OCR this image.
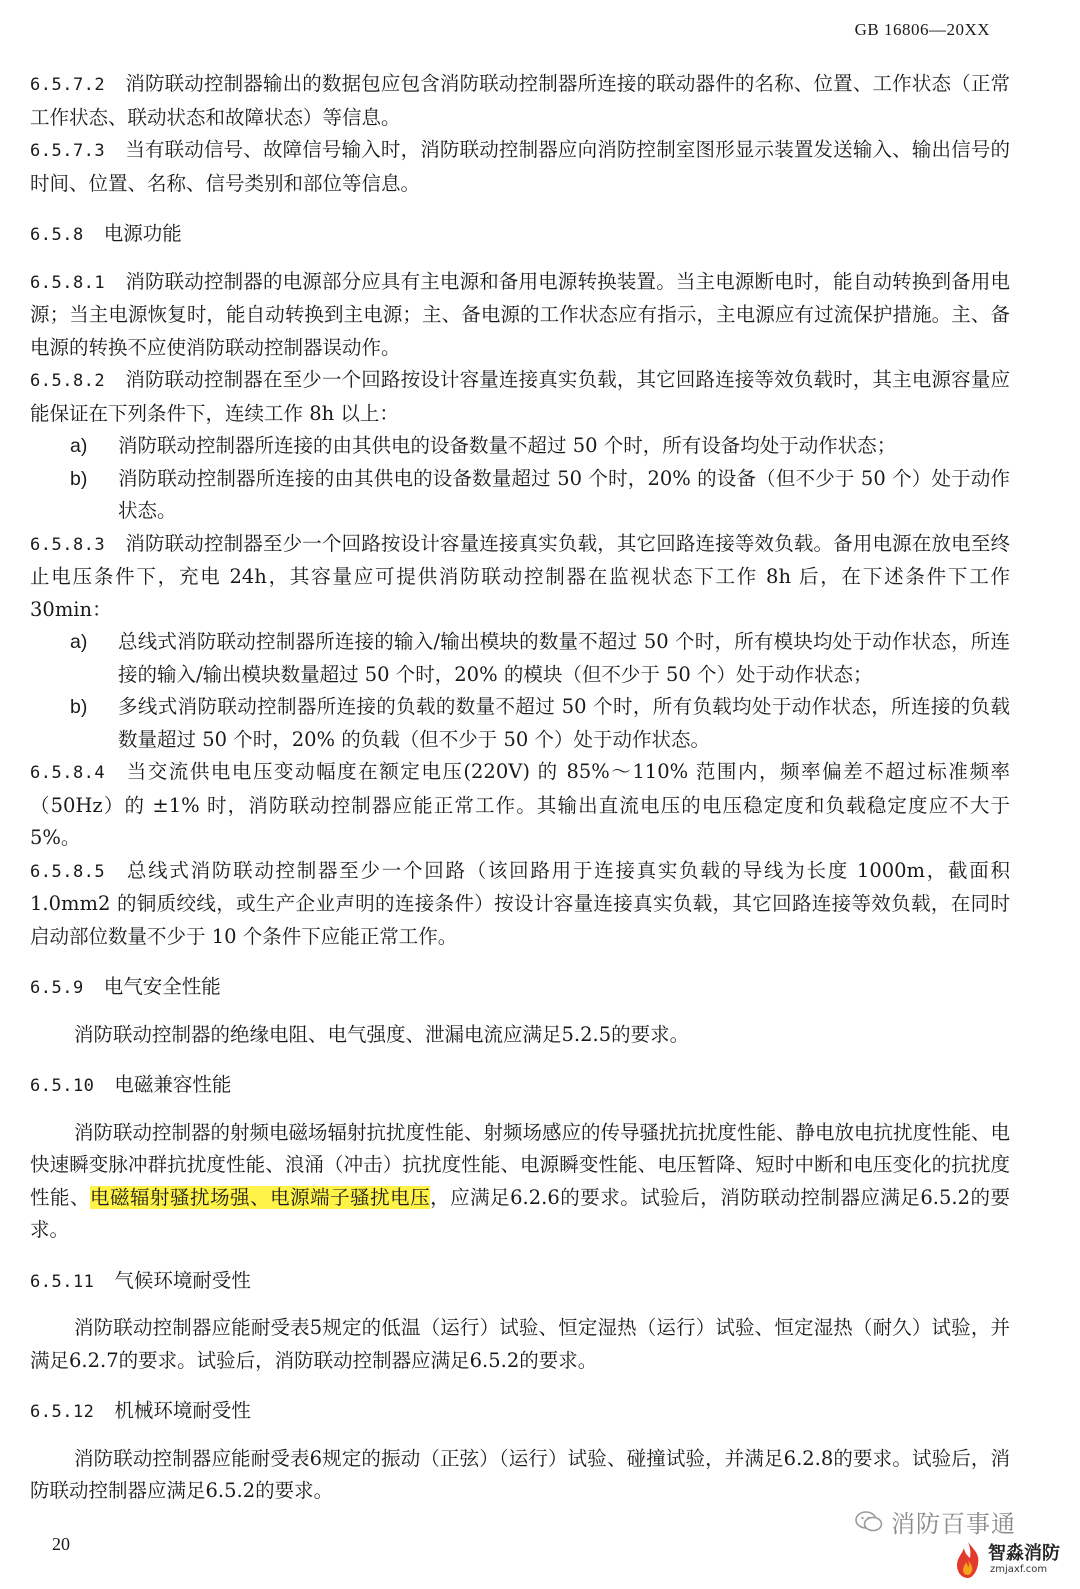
GB 16806—20XX

6.5.7.2 消防联动控制器输出的数据包应包含消防联动控制器所连接的联动器件的名称、位置、工作状态（正常工作状态、联动状态和故障状态）等信息。

6.5.7.3 当有联动信号、故障信号输入时，消防联动控制器应向消防控制室图形显示装置发送输入、输出信号的时间、位置、名称、信号类别和部位等信息。

6.5.8 电源功能

6.5.8.1 消防联动控制器的电源部分应具有主电源和备用电源转换装置。当主电源断电时，能自动转换到备用电源；当主电源恢复时，能自动转换到主电源；主、备电源的工作状态应有指示，主电源应有过流保护措施。主、备电源的转换不应使消防联动控制器误动作。

6.5.8.2 消防联动控制器在至少一个回路按设计容量连接真实负载，其它回路连接等效负载时，其主电源容量应能保证在下列条件下，连续工作 8h 以上：

a)	消防联动控制器所连接的由其供电的设备数量不超过 50 个时，所有设备均处于动作状态；
b)	消防联动控制器所连接的由其供电的设备数量超过 50 个时，20% 的设备（但不少于 50 个）处于动作状态。

6.5.8.3 消防联动控制器至少一个回路按设计容量连接真实负载，其它回路连接等效负载。备用电源在放电至终止电压条件下，充电 24h，其容量应可提供消防联动控制器在监视状态下工作 8h 后，在下述条件下工作 30min：

a)	总线式消防联动控制器所连接的输入/输出模块的数量不超过 50 个时，所有模块均处于动作状态，所连接的输入/输出模块数量超过 50 个时，20% 的模块（但不少于 50 个）处于动作状态；
b)	多线式消防联动控制器所连接的负载的数量不超过 50 个时，所有负载均处于动作状态，所连接的负载数量超过 50 个时，20% 的负载（但不少于 50 个）处于动作状态。

6.5.8.4 当交流供电电压变动幅度在额定电压(220V) 的 85%～110% 范围内，频率偏差不超过标准频率（50Hz）的 ±1% 时，消防联动控制器应能正常工作。其输出直流电压的电压稳定度和负载稳定度应不大于 5%。

6.5.8.5 总线式消防联动控制器至少一个回路（该回路用于连接真实负载的导线为长度 1000m，截面积 1.0mm2 的铜质绞线，或生产企业声明的连接条件）按设计容量连接真实负载，其它回路连接等效负载，在同时启动部位数量不少于 10 个条件下应能正常工作。

6.5.9 电气安全性能

消防联动控制器的绝缘电阻、电气强度、泄漏电流应满足5.2.5的要求。

6.5.10 电磁兼容性能

消防联动控制器的射频电磁场辐射抗扰度性能、射频场感应的传导骚扰抗扰度性能、静电放电抗扰度性能、电快速瞬变脉冲群抗扰度性能、浪涌（冲击）抗扰度性能、电源瞬变性能、电压暂降、短时中断和电压变化的抗扰度性能、电磁辐射骚扰场强、电源端子骚扰电压，应满足6.2.6的要求。试验后，消防联动控制器应满足6.5.2的要求。

6.5.11 气候环境耐受性

消防联动控制器应能耐受表5规定的低温（运行）试验、恒定湿热（运行）试验、恒定湿热（耐久）试验，并满足6.2.7的要求。试验后，消防联动控制器应满足6.5.2的要求。

6.5.12 机械环境耐受性

消防联动控制器应能耐受表6规定的振动（正弦）（运行）试验、碰撞试验，并满足6.2.8的要求。试验后，消防联动控制器应满足6.5.2的要求。

20
消防百事通
智淼消防
zmjaxf.com
